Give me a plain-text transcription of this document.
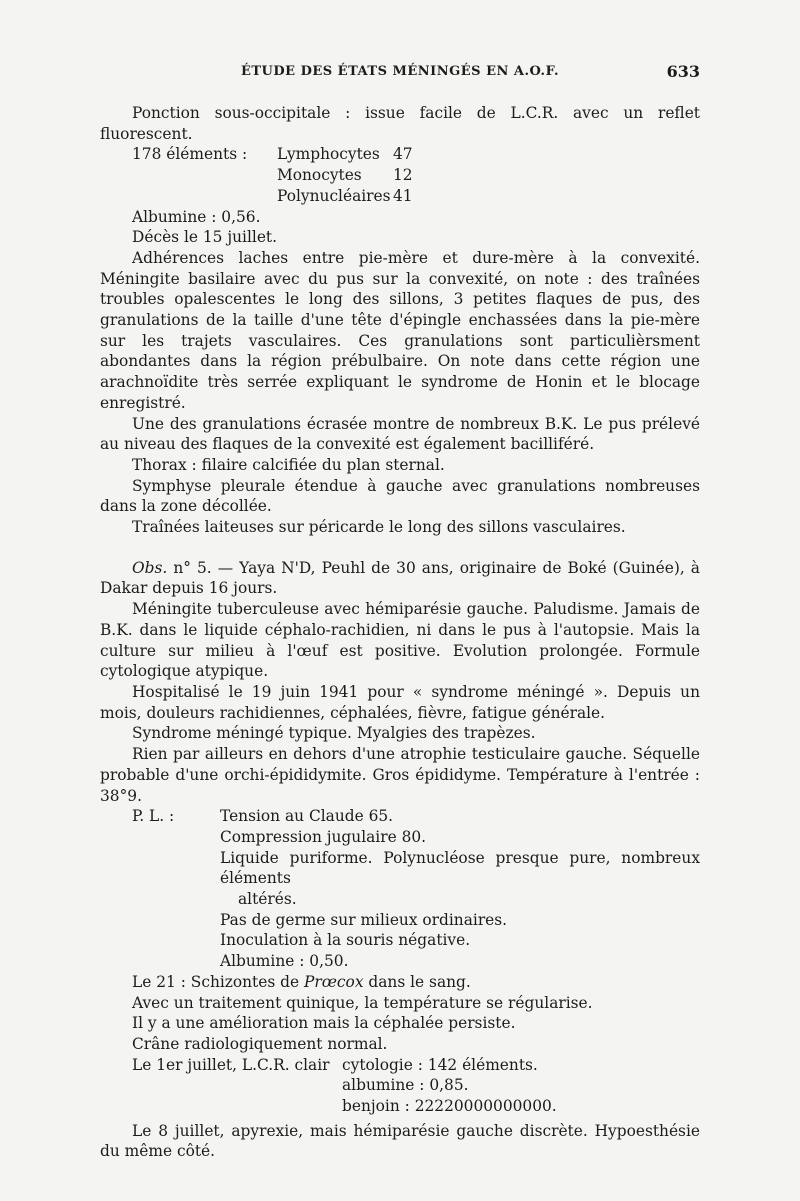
ÉTUDE DES ÉTATS MÉNINGÉS EN A.O.F.	633

Ponction sous-occipitale : issue facile de L.C.R. avec un reflet fluorescent.

178 éléments :	Lymphocytes 47
Monocytes	12
Polynucléaires 41

Albumine : 0,56.

Décès le 15 juillet.

Adhérences laches entre pie-mère et dure-mère à la convexité. Méningite basilaire avec du pus sur la convexité, on note : des traînées troubles opalescentes le long des sillons, 3 petites flaques de pus, des granulations de la taille d'une tête d'épingle enchassées dans la pie-mère sur les trajets vasculaires. Ces granulations sont particulièrsment abondantes dans la région prébulbaire. On note dans cette région une arachnoïdite très serrée expliquant le syndrome de Honin et le blocage enregistré.

Une des granulations écrasée montre de nombreux B.K. Le pus prélevé au niveau des flaques de la convexité est également bacilliféré.

Thorax : filaire calcifiée du plan sternal.

Symphyse pleurale étendue à gauche avec granulations nombreuses dans la zone décollée.

Traînées laiteuses sur péricarde le long des sillons vasculaires.

Obs. n° 5. — Yaya N'D, Peuhl de 30 ans, originaire de Boké (Guinée), à Dakar depuis 16 jours.

Méningite tuberculeuse avec hémiparésie gauche. Paludisme. Jamais de B.K. dans le liquide céphalo-rachidien, ni dans le pus à l'autopsie. Mais la culture sur milieu à l'œuf est positive. Evolution prolongée. Formule cytologique atypique.

Hospitalisé le 19 juin 1941 pour « syndrome méningé ». Depuis un mois, douleurs rachidiennes, céphalées, fièvre, fatigue générale.

Syndrome méningé typique. Myalgies des trapèzes.

Rien par ailleurs en dehors d'une atrophie testiculaire gauche. Séquelle probable d'une orchi-épididymite. Gros épididyme. Température à l'entrée : 38°9.

P. L. :	Tension au Claude 65.
Compression jugulaire 80.
Liquide puriforme. Polynucléose presque pure, nombreux éléments
altérés.
Pas de germe sur milieux ordinaires.
Inoculation à la souris négative.
Albumine : 0,50.

Le 21 : Schizontes de Prœcox dans le sang.

Avec un traitement quinique, la température se régularise.

Il y a une amélioration mais la céphalée persiste.

Crâne radiologiquement normal.

Le 1er juillet, L.C.R. clair cytologie : 142 éléments.
albumine : 0,85.
benjoin : 22220000000000.

Le 8 juillet, apyrexie, mais hémiparésie gauche discrète. Hypoesthésie du même côté.
